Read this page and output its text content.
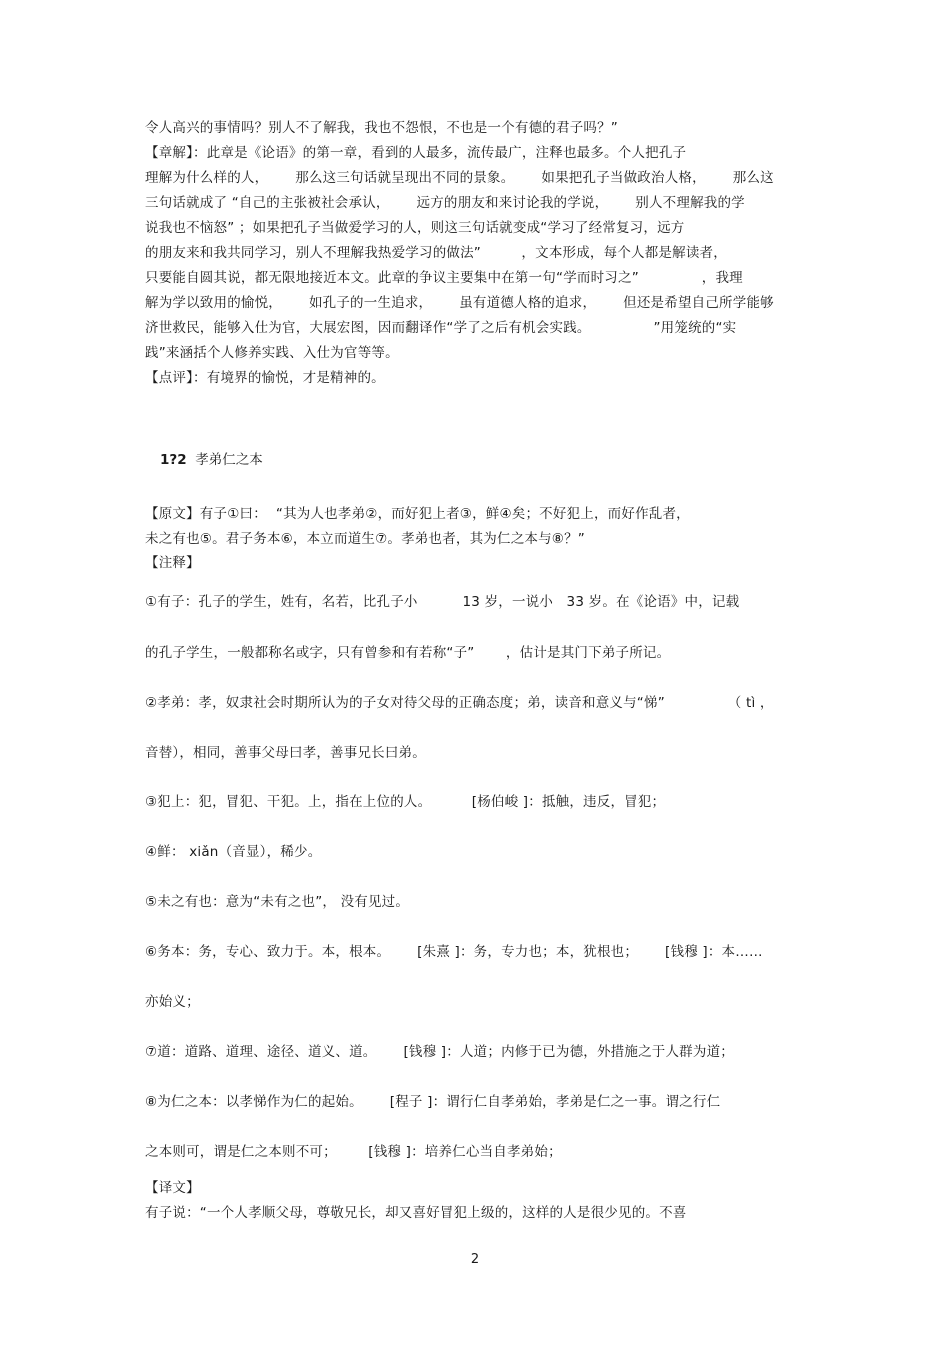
令人高兴的事情吗？别人不了解我，我也不怨恨，不也是一个有德的君子吗？”
【章解】：此章是《论语》的第一章，看到的人最多，流传最广，注释也最多。个人把孔子
理解为什么样的人，      那么这三句话就呈现出不同的景象。      如果把孔子当做政治人格，      那么这
三句话就成了 “自己的主张被社会承认，      远方的朋友和来讨论我的学说，      别人不理解我的学
说我也不恼怒” ；如果把孔子当做爱学习的人，则这三句话就变成“学习了经常复习，远方
的朋友来和我共同学习，别人不理解我热爱学习的做法”         ，文本形成，每个人都是解读者，
只要能自圆其说，都无限地接近本文。此章的争议主要集中在第一句“学而时习之”              ，我理
解为学以致用的愉悦，      如孔子的一生追求，      虽有道德人格的追求，      但还是希望自己所学能够
济世救民，能够入仕为官，大展宏图，因而翻译作“学了之后有机会实践。              ”用笼统的“实
践”来涵括个人修养实践、入仕为官等等。
【点评】：有境界的愉悦，才是精神的。
1?2 孝弟仁之本
【原文】有子①曰：  “其为人也孝弟②，而好犯上者③，鲜④矣；不好犯上，而好作乱者，
未之有也⑤。君子务本⑥，本立而道生⑦。孝弟也者，其为仁之本与⑧？”
【注释】
①有子：孔子的学生，姓有，名若，比孔子小          13 岁，一说小   33 岁。在《论语》中，记载
的孔子学生，一般都称名或字，只有曾参和有若称“子”       ，估计是其门下弟子所记。
②孝弟：孝，奴隶社会时期所认为的子女对待父母的正确态度；弟，读音和意义与“悌”              （ tì ，
音替），相同，善事父母曰孝，善事兄长曰弟。
③犯上：犯，冒犯、干犯。上，指在上位的人。         [杨伯峻 ]：抵触，违反，冒犯；
④鲜： xiǎn（音显），稀少。
⑤未之有也：意为“未有之也”， 没有见过。
⑥务本：务，专心、致力于。本，根本。      [朱熹 ]：务，专力也；本，犹根也；      [钱穆 ]：本……
亦始义；
⑦道：道路、道理、途径、道义、道。      [钱穆 ]：人道；内修于已为德，外措施之于人群为道；
⑧为仁之本：以孝悌作为仁的起始。      [程子 ]：谓行仁自孝弟始，孝弟是仁之一事。谓之行仁
之本则可，谓是仁之本则不可；       [钱穆 ]：培养仁心当自孝弟始；
【译文】
有子说：“一个人孝顺父母，尊敬兄长，却又喜好冒犯上级的，这样的人是很少见的。不喜
2
